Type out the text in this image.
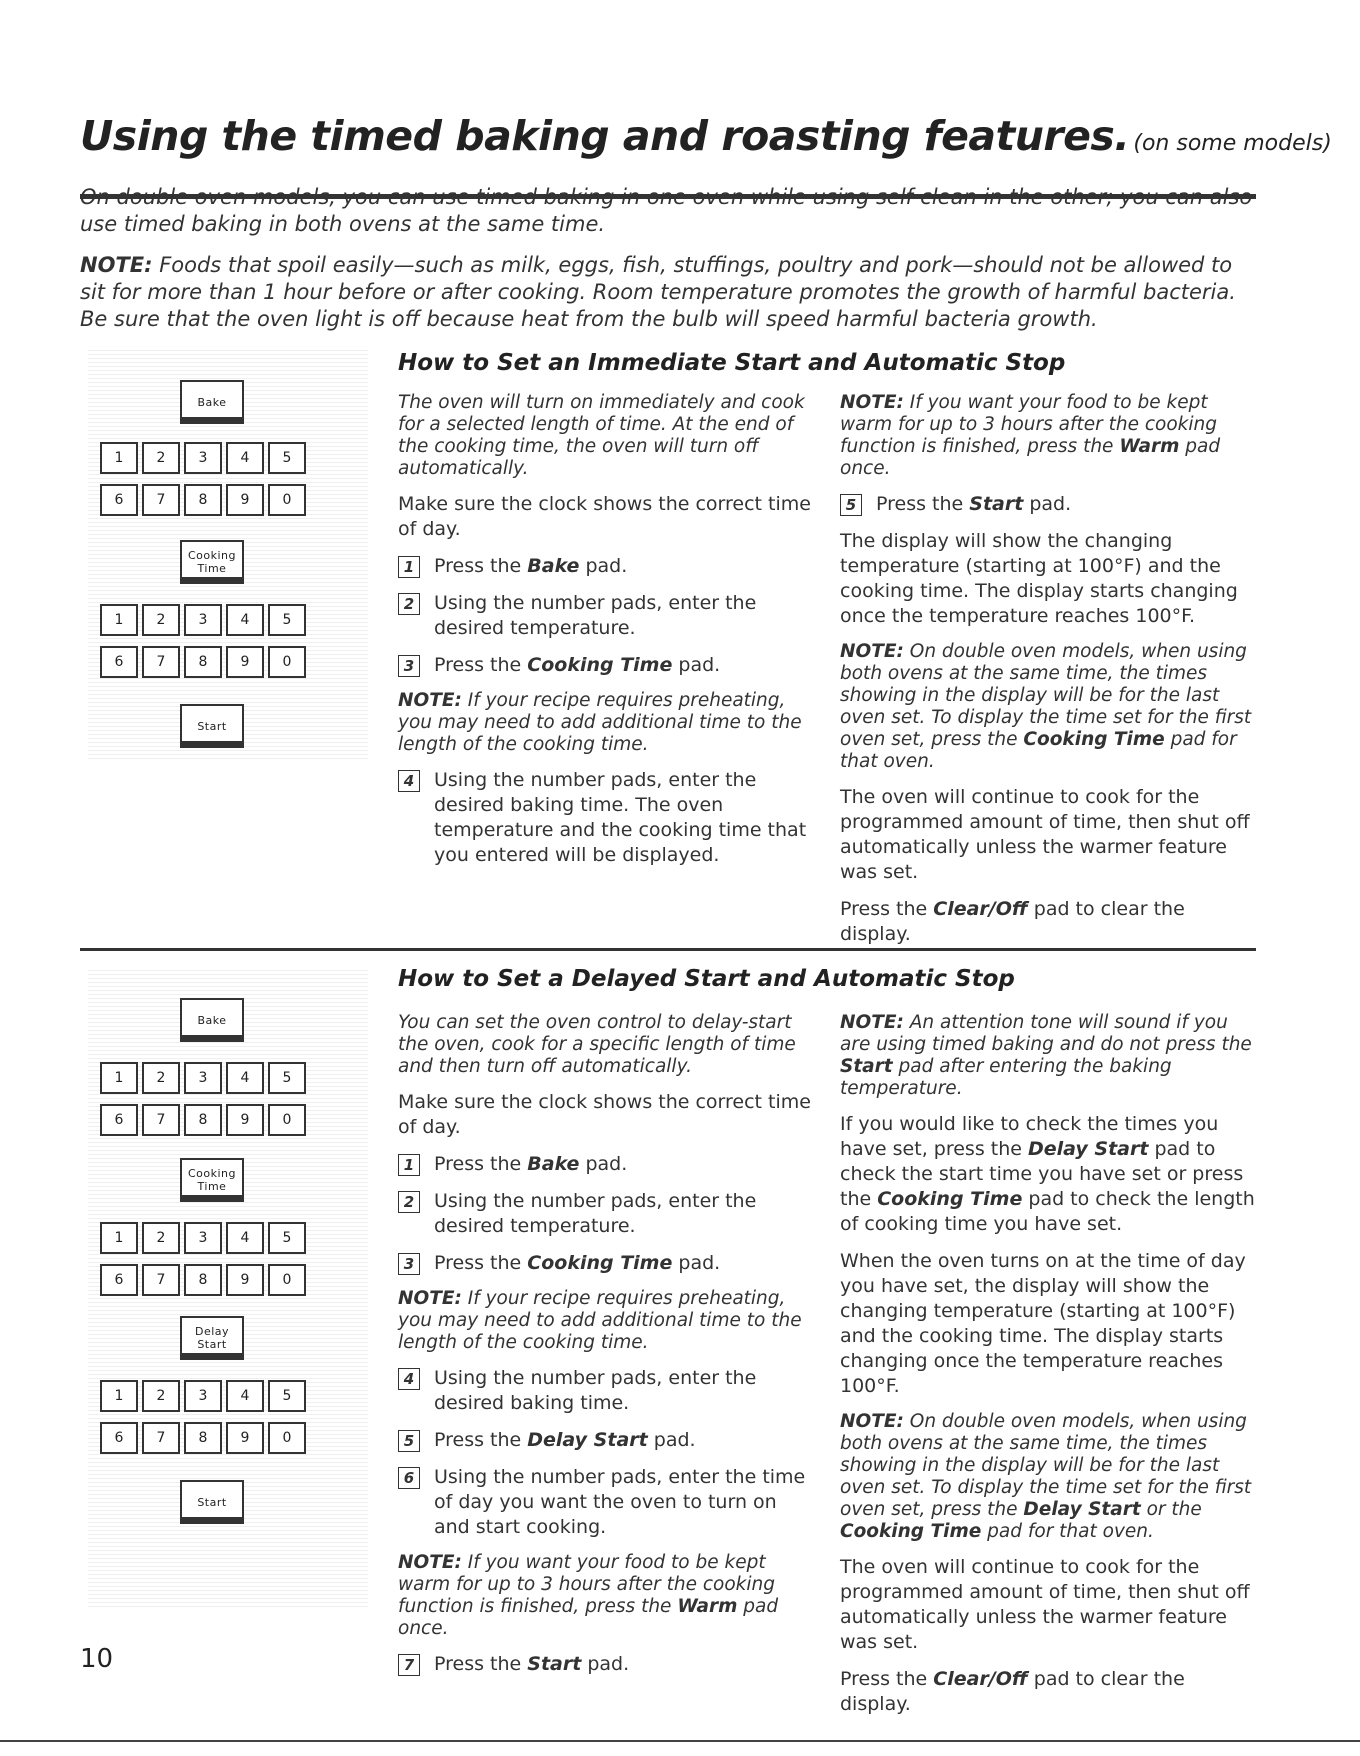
Using the timed baking and roasting features. (on some models)
On double oven models, you can use timed baking in one oven while using self-clean in the other; you can also use timed baking in both ovens at the same time.
NOTE: Foods that spoil easily—such as milk, eggs, fish, stuffings, poultry and pork—should not be allowed to sit for more than 1 hour before or after cooking. Room temperature promotes the growth of harmful bacteria. Be sure that the oven light is off because heat from the bulb will speed harmful bacteria growth.
Bake
1	2	3	4	5
6	7	8	9	0
Cooking
Time
1	2	3	4	5
6	7	8	9	0
Start
How to Set an Immediate Start and Automatic Stop

The oven will turn on immediately and cook for a selected length of time. At the end of the cooking time, the oven will turn off automatically.

Make sure the clock shows the correct time of day.

1	Press the Bake pad.
2	Using the number pads, enter the desired temperature.
3	Press the Cooking Time pad.

NOTE: If your recipe requires preheating, you may need to add additional time to the length of the cooking time.

4	Using the number pads, enter the desired baking time. The oven temperature and the cooking time that you entered will be displayed.

NOTE: If you want your food to be kept warm for up to 3 hours after the cooking function is finished, press the Warm pad once.

5	Press the Start pad.

The display will show the changing temperature (starting at 100°F) and the cooking time. The display starts changing once the temperature reaches 100°F.

NOTE: On double oven models, when using both ovens at the same time, the times showing in the display will be for the last oven set. To display the time set for the first oven set, press the Cooking Time pad for that oven.

The oven will continue to cook for the programmed amount of time, then shut off automatically unless the warmer feature was set.

Press the Clear/Off pad to clear the display.

Bake
1	2	3	4	5
6	7	8	9	0
Cooking
Time
1	2	3	4	5
6	7	8	9	0
Delay
Start
1	2	3	4	5
6	7	8	9	0
Start
How to Set a Delayed Start and Automatic Stop

You can set the oven control to delay-start the oven, cook for a specific length of time and then turn off automatically.

Make sure the clock shows the correct time of day.

1	Press the Bake pad.
2	Using the number pads, enter the desired temperature.
3	Press the Cooking Time pad.

NOTE: If your recipe requires preheating, you may need to add additional time to the length of the cooking time.

4	Using the number pads, enter the desired baking time.
5	Press the Delay Start pad.
6	Using the number pads, enter the time of day you want the oven to turn on and start cooking.

NOTE: If you want your food to be kept warm for up to 3 hours after the cooking function is finished, press the Warm pad once.

7	Press the Start pad.

NOTE: An attention tone will sound if you are using timed baking and do not press the Start pad after entering the baking temperature.

If you would like to check the times you have set, press the Delay Start pad to check the start time you have set or press the Cooking Time pad to check the length of cooking time you have set.

When the oven turns on at the time of day you have set, the display will show the changing temperature (starting at 100°F) and the cooking time. The display starts changing once the temperature reaches 100°F.

NOTE: On double oven models, when using both ovens at the same time, the times showing in the display will be for the last oven set. To display the time set for the first oven set, press the Delay Start or the Cooking Time pad for that oven.

The oven will continue to cook for the programmed amount of time, then shut off automatically unless the warmer feature was set.

Press the Clear/Off pad to clear the display.

10
